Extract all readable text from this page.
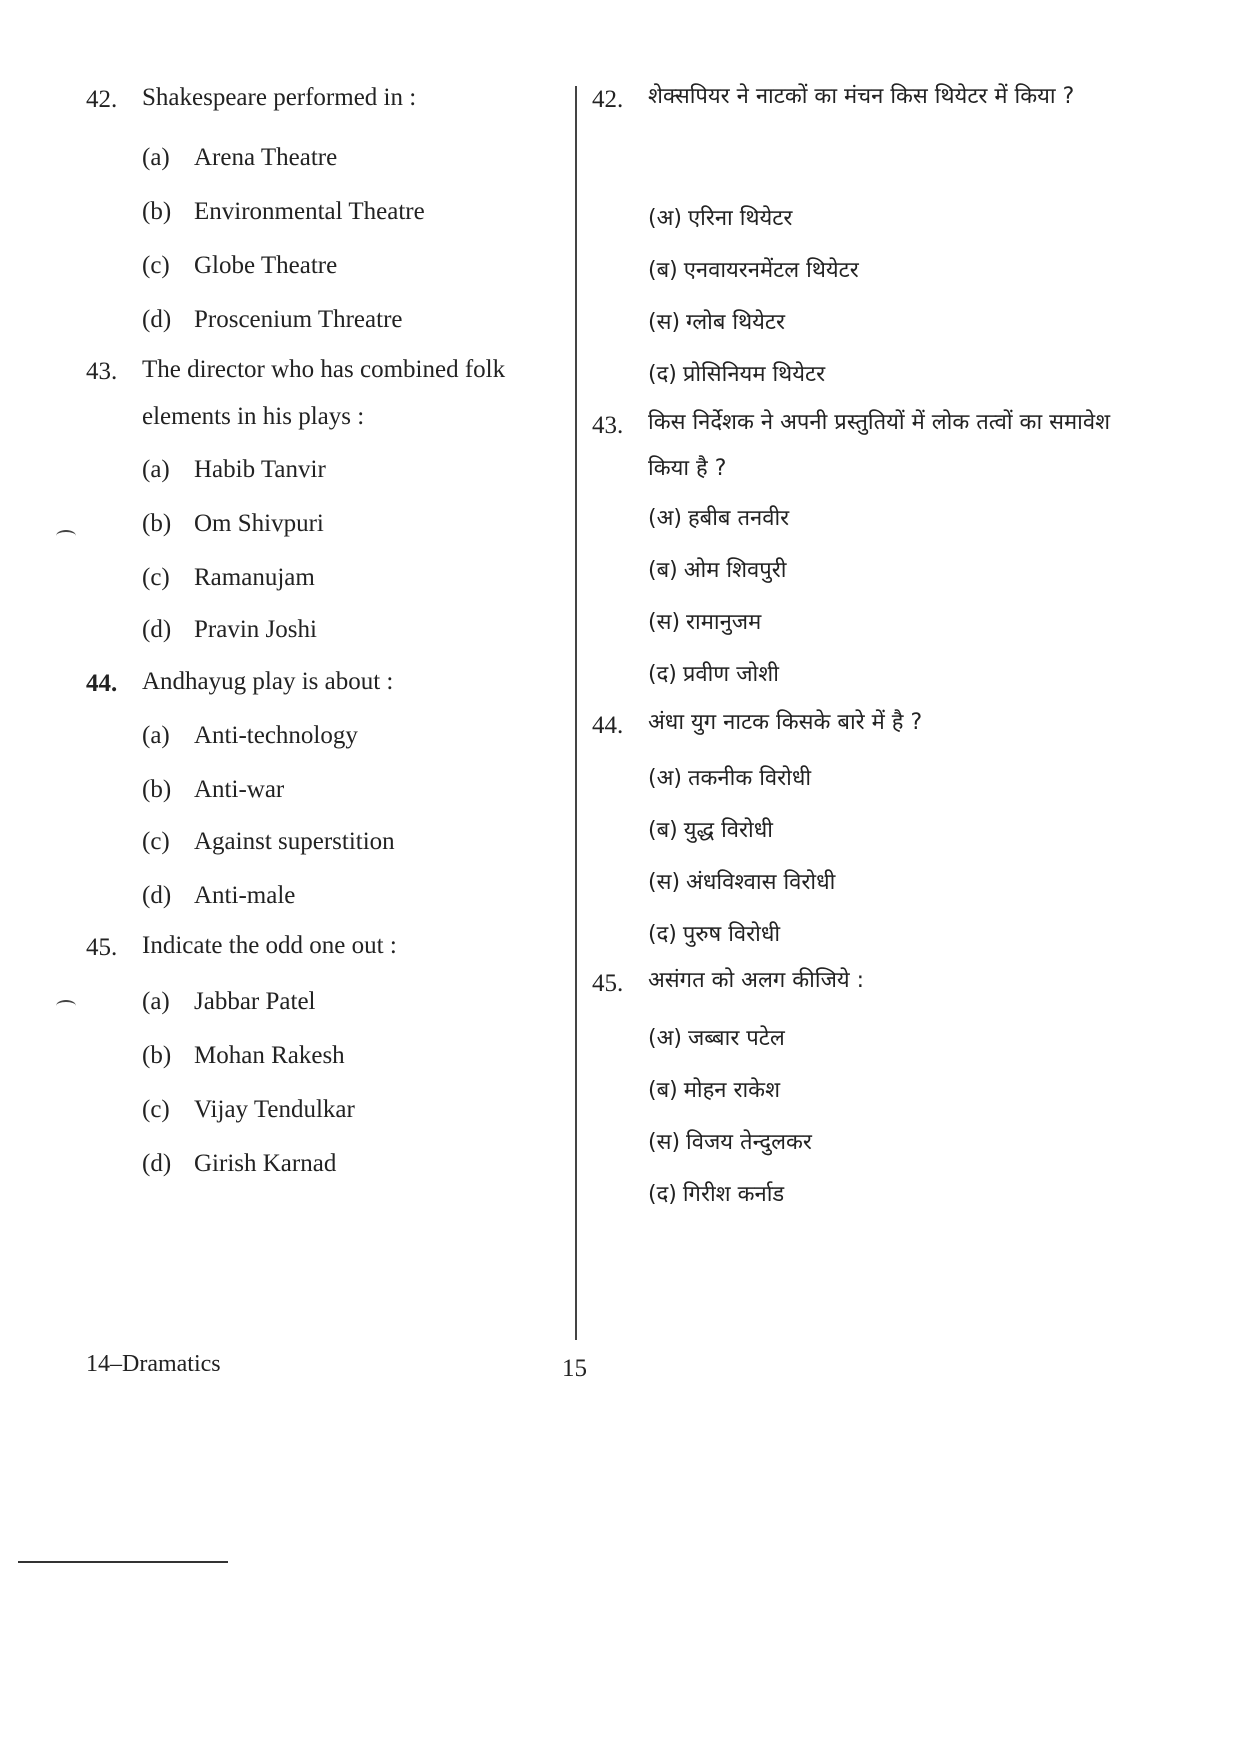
42. Shakespeare performed in :
(a) Arena Theatre
(b) Environmental Theatre
(c) Globe Theatre
(d) Proscenium Threatre
43. The director who has combined folk elements in his plays :
(a) Habib Tanvir
(b) Om Shivpuri
(c) Ramanujam
(d) Pravin Joshi
44. Andhayug play is about :
(a) Anti-technology
(b) Anti-war
(c) Against superstition
(d) Anti-male
45. Indicate the odd one out :
(a) Jabbar Patel
(b) Mohan Rakesh
(c) Vijay Tendulkar
(d) Girish Karnad
42. शेक्सपियर ने नाटकों का मंचन किस थियेटर में किया ?
(अ) एरिना थियेटर
(ब) एनवायरनमेंटल थियेटर
(स) ग्लोब थियेटर
(द) प्रोसिनियम थियेटर
43. किस निर्देशक ने अपनी प्रस्तुतियों में लोक तत्वों का समावेश किया है ?
(अ) हबीब तनवीर
(ब) ओम शिवपुरी
(स) रामानुजम
(द) प्रवीण जोशी
44. अंधा युग नाटक किसके बारे में है ?
(अ) तकनीक विरोधी
(ब) युद्ध विरोधी
(स) अंधविश्वास विरोधी
(द) पुरुष विरोधी
45. असंगत को अलग कीजिये :
(अ) जब्बार पटेल
(ब) मोहन राकेश
(स) विजय तेन्दुलकर
(द) गिरीश कर्नाड
14–Dramatics	15
